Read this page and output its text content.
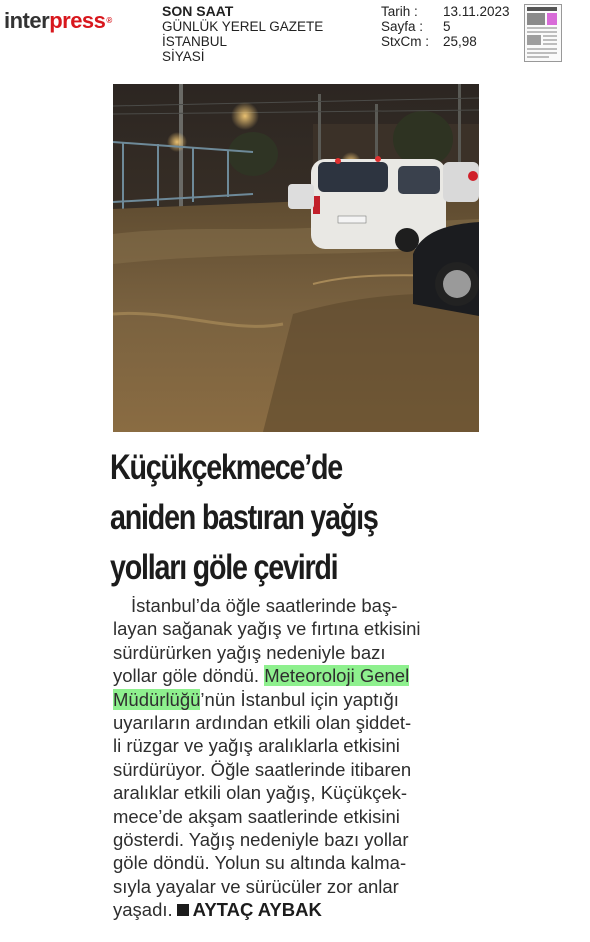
interpress®
SON SAAT
GÜNLÜK YEREL GAZETE
İSTANBUL
SİYASİ
Tarih :	13.11.2023
Sayfa :	5
StxCm :	25,98
Küçükçekmece’de
aniden bastıran yağış
yolları göle çevirdi
İstanbul’da öğle saatlerinde baş-
layan sağanak yağış ve fırtına etkisini
sürdürürken yağış nedeniyle bazı
yollar göle döndü. Meteoroloji Genel
Müdürlüğü’nün İstanbul için yaptığı
uyarıların ardından etkili olan şiddet-
li rüzgar ve yağış aralıklarla etkisini
sürdürüyor. Öğle saatlerinde itibaren
aralıklar etkili olan yağış, Küçükçek-
mece’de akşam saatlerinde etkisini
gösterdi. Yağış nedeniyle bazı yollar
göle döndü. Yolun su altında kalma-
sıyla yayalar ve sürücüler zor anlar
yaşadı. AYTAÇ AYBAK
